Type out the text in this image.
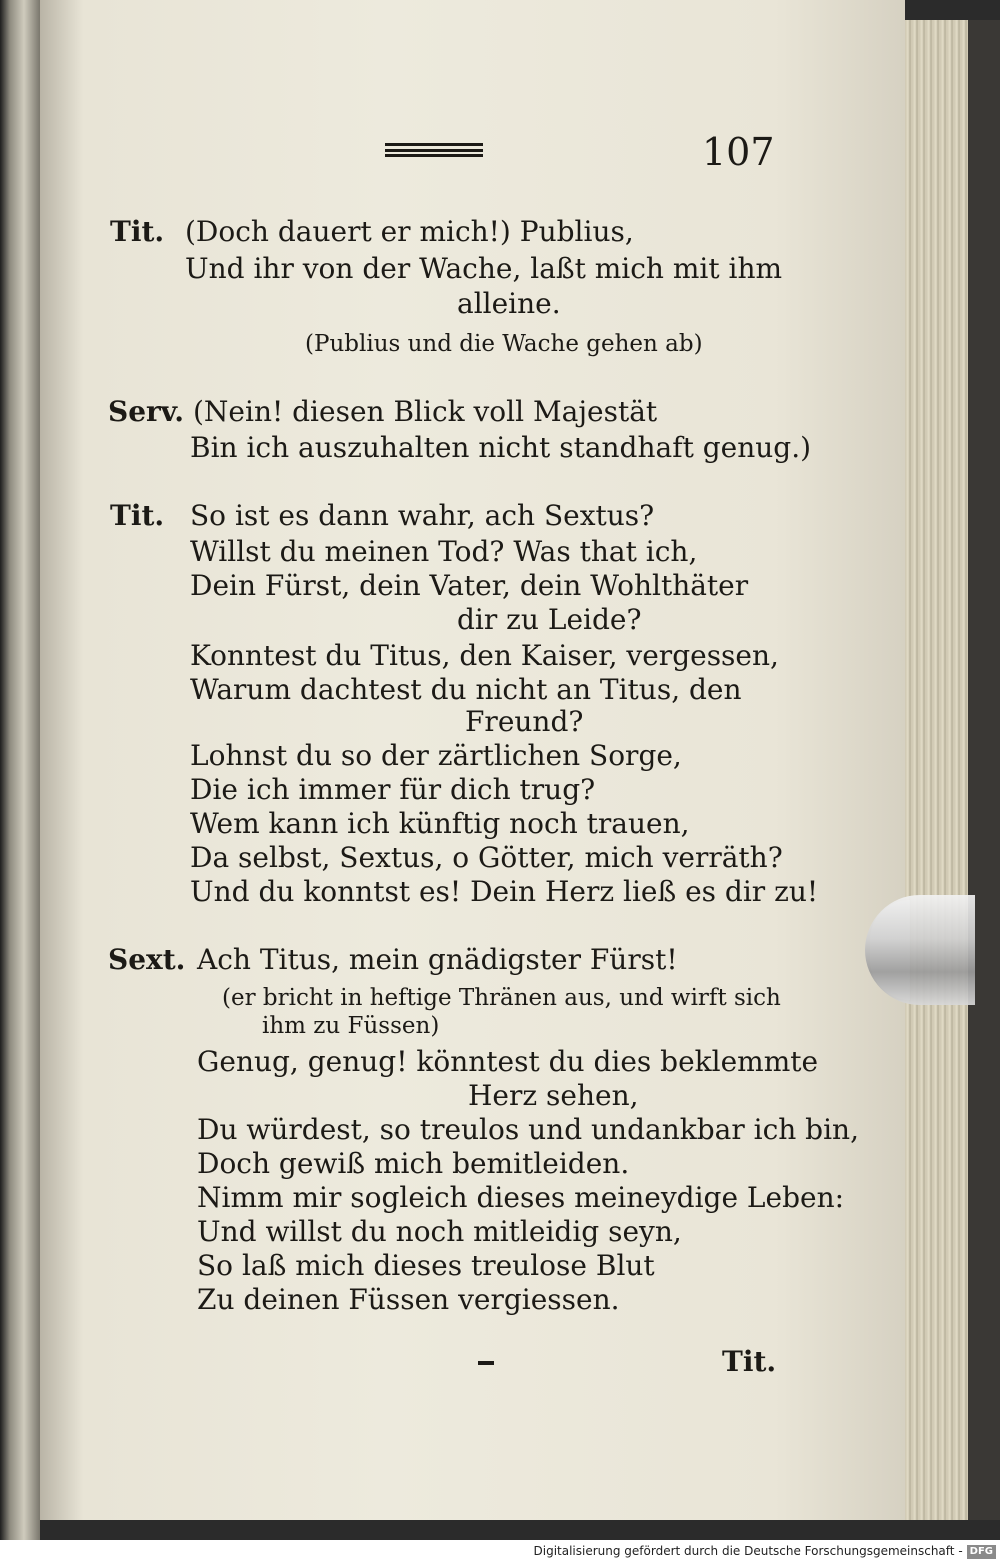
107
Tit. (Doch dauert er mich!) Publius,
Und ihr von der Wache, laßt mich mit ihm
alleine.
(Publius und die Wache gehen ab)
Serv. (Nein! diesen Blick voll Majestät
Bin ich auszuhalten nicht standhaft genug.)
Tit. So ist es dann wahr, ach Sextus?
Willst du meinen Tod? Was that ich,
Dein Fürst, dein Vater, dein Wohlthäter
dir zu Leide?
Konntest du Titus, den Kaiser, vergessen,
Warum dachtest du nicht an Titus, den
Freund?
Lohnst du so der zärtlichen Sorge,
Die ich immer für dich trug?
Wem kann ich künftig noch trauen,
Da selbst, Sextus, o Götter, mich verräth?
Und du konntst es! Dein Herz ließ es dir zu!
Sext. Ach Titus, mein gnädigster Fürst!
(er bricht in heftige Thränen aus, und wirft sich
ihm zu Füssen)
Genug, genug! könntest du dies beklemmte
Herz sehen,
Du würdest, so treulos und undankbar ich bin,
Doch gewiß mich bemitleiden.
Nimm mir sogleich dieses meineydige Leben:
Und willst du noch mitleidig seyn,
So laß mich dieses treulose Blut
Zu deinen Füssen vergiessen.
Tit.
Digitalisierung gefördert durch die Deutsche Forschungsgemeinschaft - DFG
